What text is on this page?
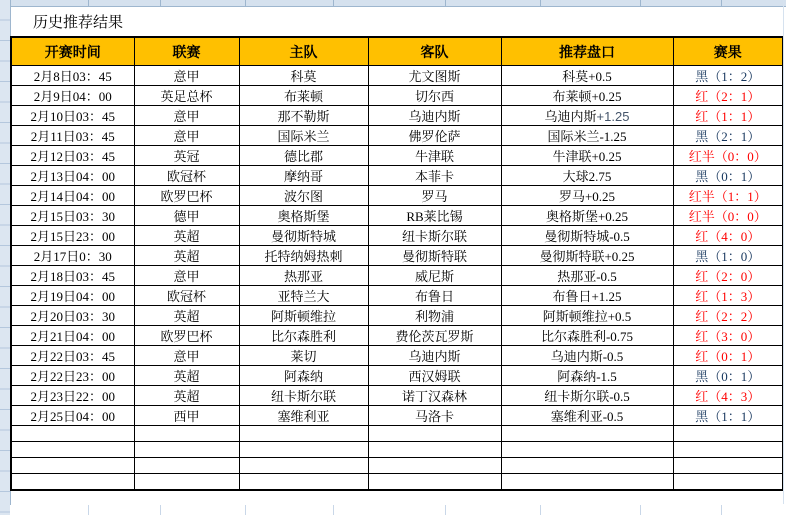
历史推荐结果
开赛时间	联赛	主队	客队	推荐盘口	赛果
2月8日03：45	意甲	科莫	尤文图斯	科莫+0.5	黑（1：2）
2月9日04：00	英足总杯	布莱顿	切尔西	布莱顿+0.25	红（2：1）
2月10日03：45	意甲	那不勒斯	乌迪内斯	乌迪内斯+1.25	红（1：1）
2月11日03：45	意甲	国际米兰	佛罗伦萨	国际米兰-1.25	黑（2：1）
2月12日03：45	英冠	德比郡	牛津联	牛津联+0.25	红半（0：0）
2月13日04：00	欧冠杯	摩纳哥	本菲卡	大球2.75	黑（0：1）
2月14日04：00	欧罗巴杯	波尔图	罗马	罗马+0.25	红半（1：1）
2月15日03：30	德甲	奥格斯堡	RB莱比锡	奥格斯堡+0.25	红半（0：0）
2月15日23：00	英超	曼彻斯特城	纽卡斯尔联	曼彻斯特城-0.5	红（4：0）
2月17日0：30	英超	托特纳姆热刺	曼彻斯特联	曼彻斯特联+0.25	黑（1：0）
2月18日03：45	意甲	热那亚	威尼斯	热那亚-0.5	红（2：0）
2月19日04：00	欧冠杯	亚特兰大	布鲁日	布鲁日+1.25	红（1：3）
2月20日03：30	英超	阿斯顿维拉	利物浦	阿斯顿维拉+0.5	红（2：2）
2月21日04：00	欧罗巴杯	比尔森胜利	费伦茨瓦罗斯	比尔森胜利-0.75	红（3：0）
2月22日03：45	意甲	莱切	乌迪内斯	乌迪内斯-0.5	红（0：1）
2月22日23：00	英超	阿森纳	西汉姆联	阿森纳-1.5	黑（0：1）
2月23日22：00	英超	纽卡斯尔联	诺丁汉森林	纽卡斯尔联-0.5	红（4：3）
2月25日04：00	西甲	塞维利亚	马洛卡	塞维利亚-0.5	黑（1：1）
